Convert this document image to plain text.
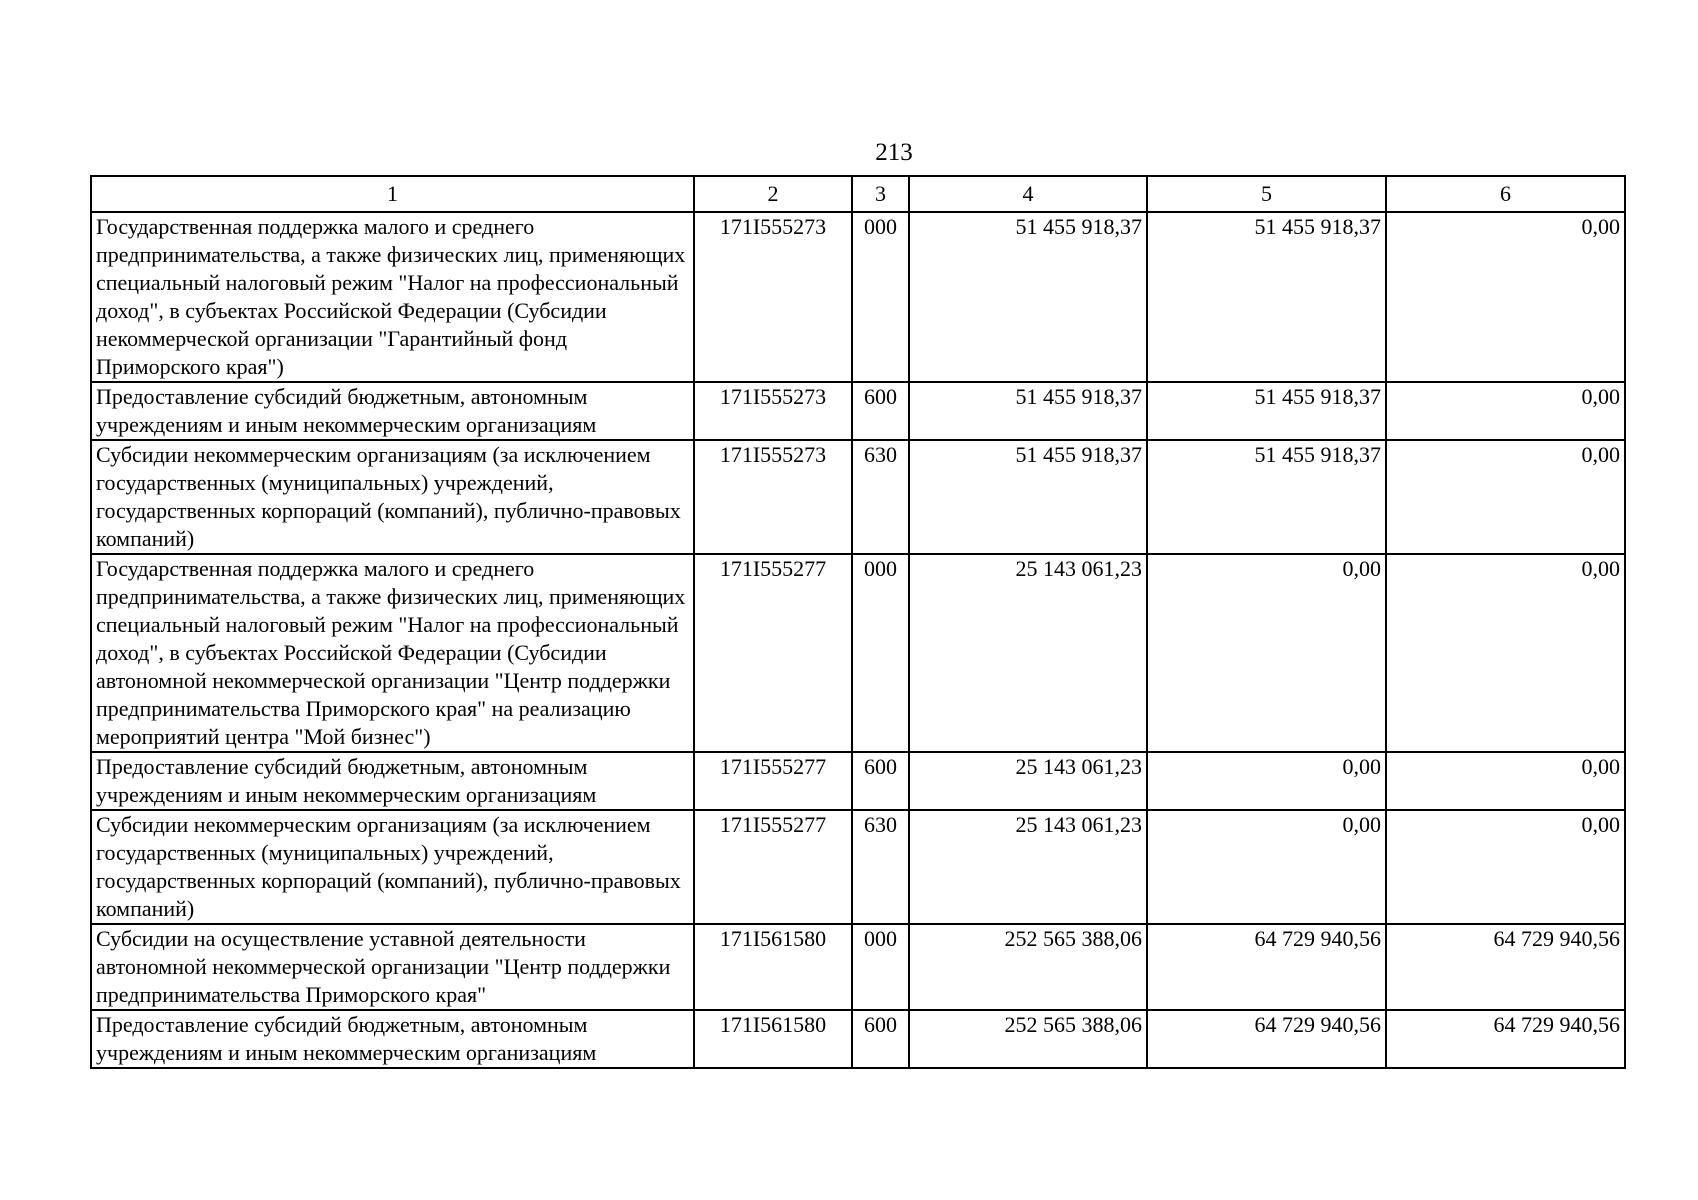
213
1	2	3	4	5	6
Государственная поддержка малого и среднего предпринимательства, а также физических лиц, применяющих специальный налоговый режим "Налог на профессиональный доход", в субъектах Российской Федерации (Субсидии некоммерческой организации "Гарантийный фонд Приморского края")	171I555273	000	51 455 918,37	51 455 918,37	0,00
Предоставление субсидий бюджетным, автономным учреждениям и иным некоммерческим организациям	171I555273	600	51 455 918,37	51 455 918,37	0,00
Субсидии некоммерческим организациям (за исключением государственных (муниципальных) учреждений, государственных корпораций (компаний), публично-правовых компаний)	171I555273	630	51 455 918,37	51 455 918,37	0,00
Государственная поддержка малого и среднего предпринимательства, а также физических лиц, применяющих специальный налоговый режим "Налог на профессиональный доход", в субъектах Российской Федерации (Субсидии автономной некоммерческой организации "Центр поддержки предпринимательства Приморского края" на реализацию мероприятий центра "Мой бизнес")	171I555277	000	25 143 061,23	0,00	0,00
Предоставление субсидий бюджетным, автономным учреждениям и иным некоммерческим организациям	171I555277	600	25 143 061,23	0,00	0,00
Субсидии некоммерческим организациям (за исключением государственных (муниципальных) учреждений, государственных корпораций (компаний), публично-правовых компаний)	171I555277	630	25 143 061,23	0,00	0,00
Субсидии на осуществление уставной деятельности автономной некоммерческой организации "Центр поддержки предпринимательства Приморского края"	171I561580	000	252 565 388,06	64 729 940,56	64 729 940,56
Предоставление субсидий бюджетным, автономным учреждениям и иным некоммерческим организациям	171I561580	600	252 565 388,06	64 729 940,56	64 729 940,56
